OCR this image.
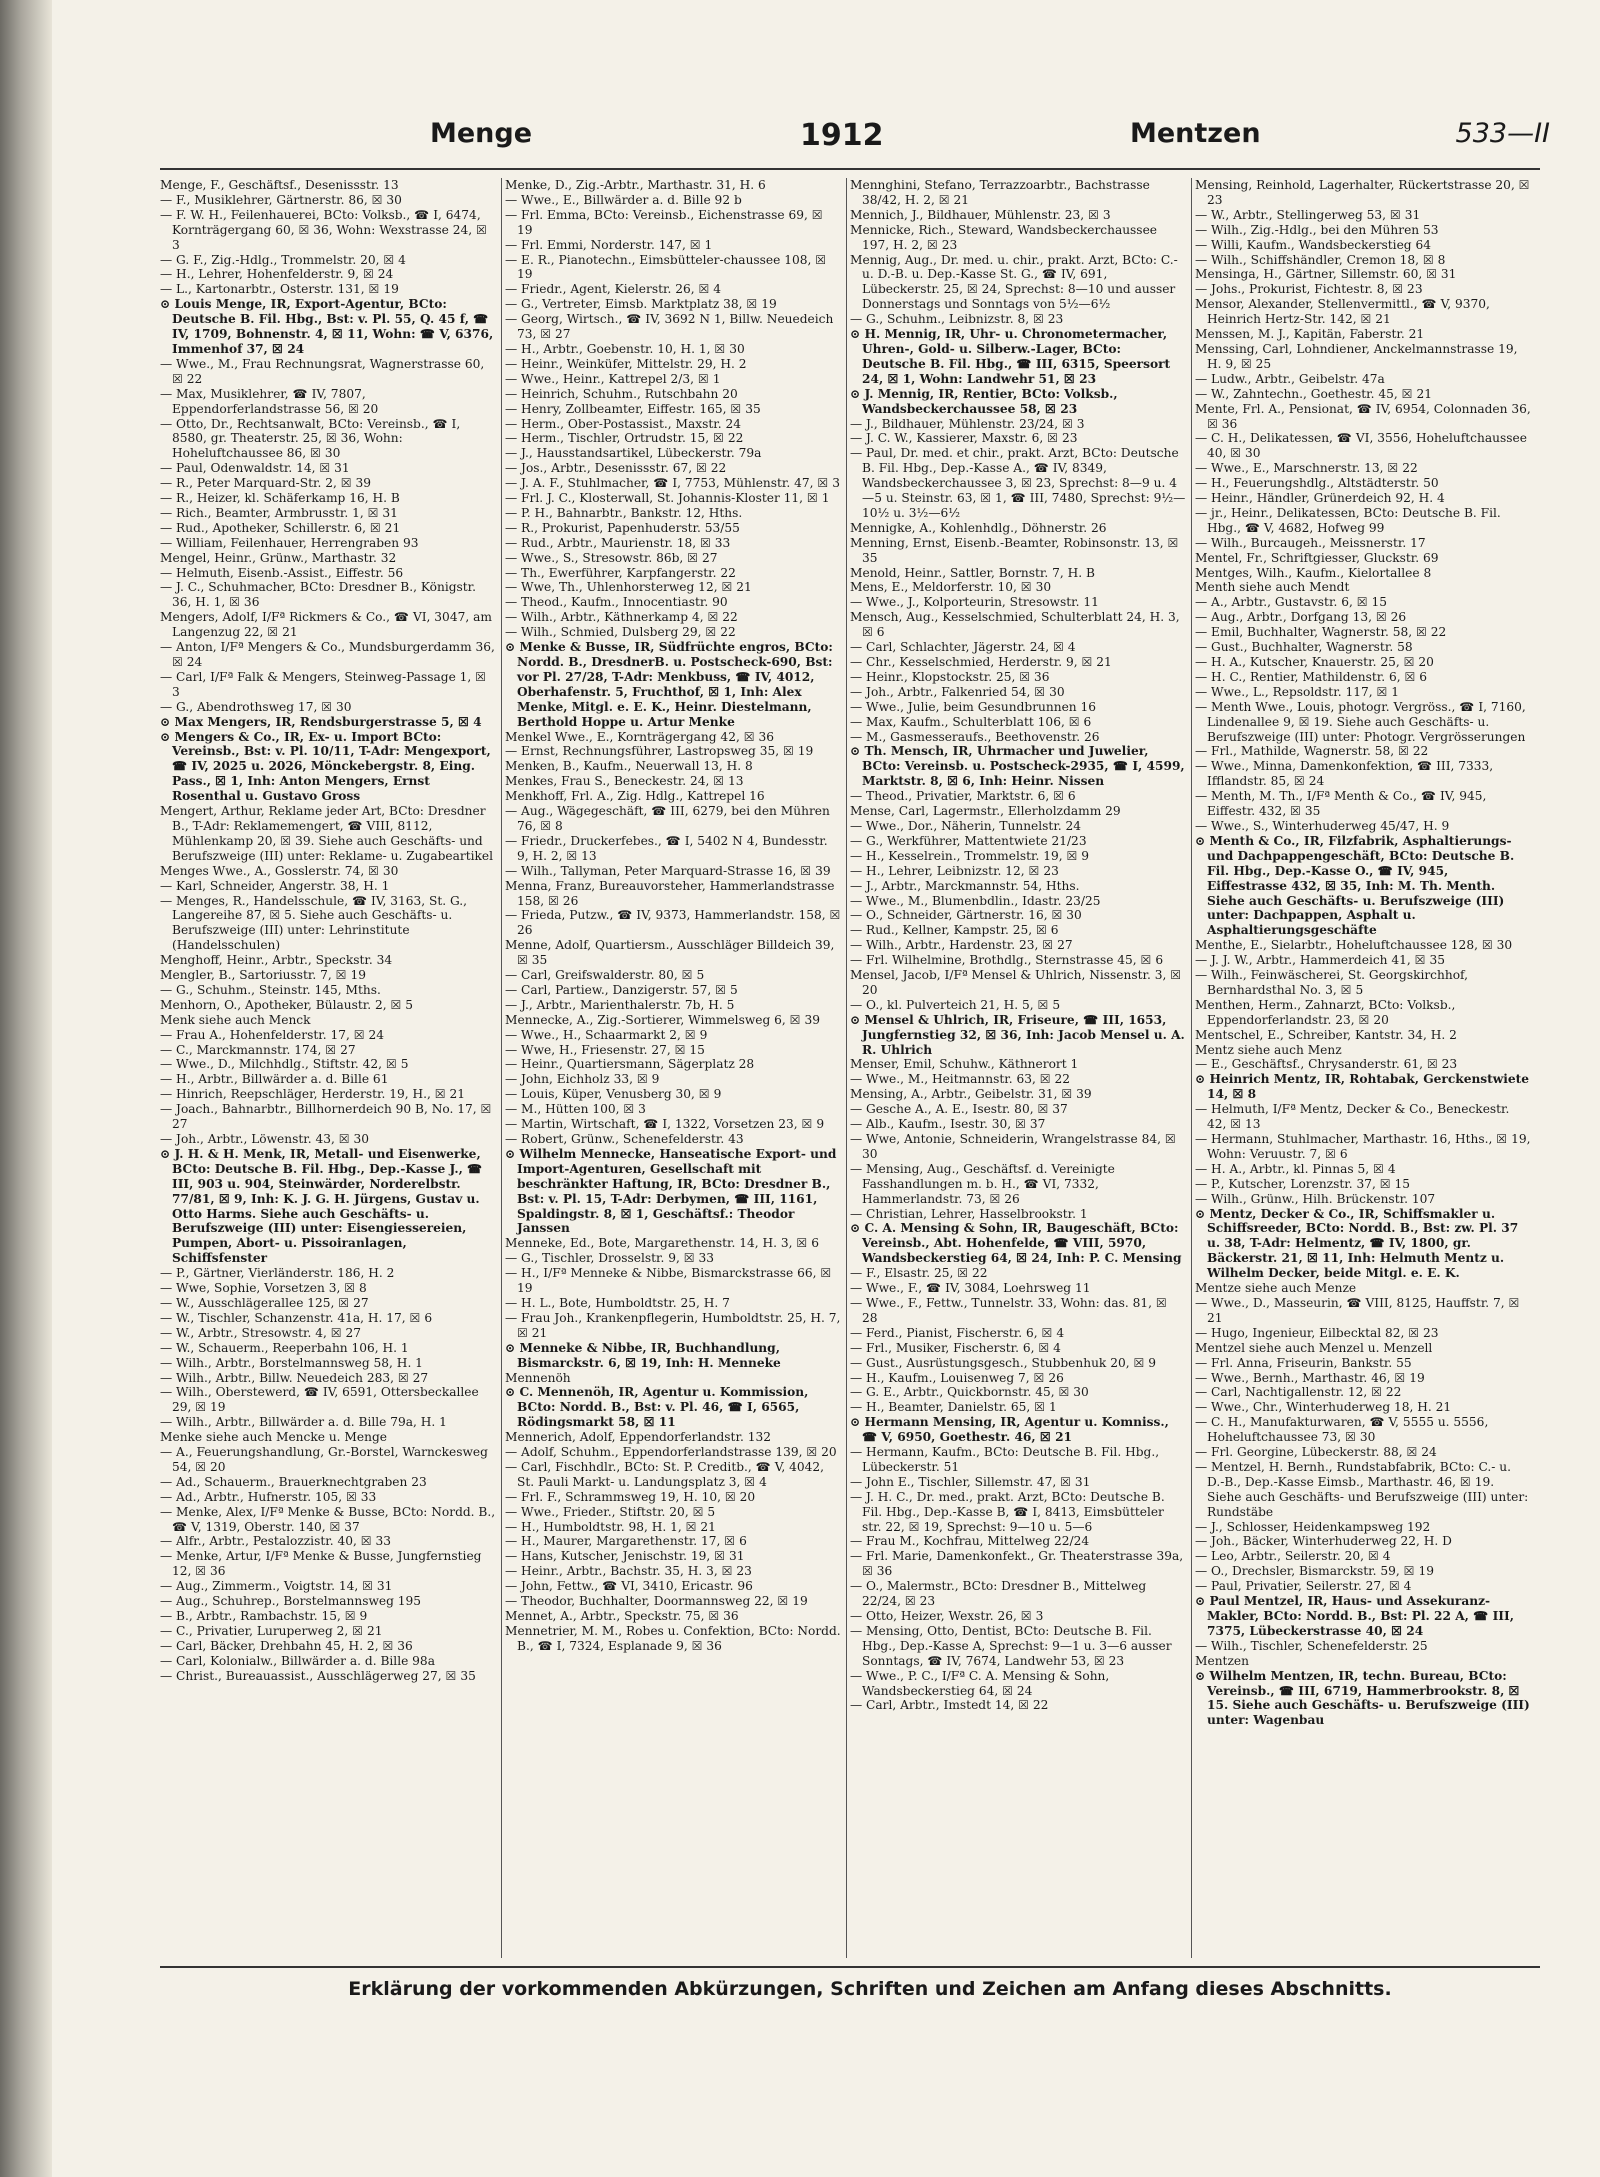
Menge	1912	Mentzen	533—II

Menge, F., Geschäftsf., Desenissstr. 13

— F., Musiklehrer, Gärtnerstr. 86, ☒ 30

— F. W. H., Feilenhauerei, BCto: Volksb., ☎ I, 6474, Kornträgergang 60, ☒ 36, Wohn: Wexstrasse 24, ☒ 3

— G. F., Zig.-Hdlg., Trommelstr. 20, ☒ 4

— H., Lehrer, Hohenfelderstr. 9, ☒ 24

— L., Kartonarbtr., Osterstr. 131, ☒ 19

⊙ Louis Menge, IR, Export-Agentur, BCto: Deutsche B. Fil. Hbg., Bst: v. Pl. 55, Q. 45 f, ☎ IV, 1709, Bohnenstr. 4, ☒ 11, Wohn: ☎ V, 6376, Immenhof 37, ☒ 24

— Wwe., M., Frau Rechnungsrat, Wagnerstrasse 60, ☒ 22

— Max, Musiklehrer, ☎ IV, 7807, Eppendorferlandstrasse 56, ☒ 20

— Otto, Dr., Rechtsanwalt, BCto: Vereinsb., ☎ I, 8580, gr. Theaterstr. 25, ☒ 36, Wohn: Hoheluftchaussee 86, ☒ 30

— Paul, Odenwaldstr. 14, ☒ 31

— R., Peter Marquard-Str. 2, ☒ 39

— R., Heizer, kl. Schäferkamp 16, H. B

— Rich., Beamter, Armbrusstr. 1, ☒ 31

— Rud., Apotheker, Schillerstr. 6, ☒ 21

— William, Feilenhauer, Herrengraben 93

Mengel, Heinr., Grünw., Marthastr. 32

— Helmuth, Eisenb.-Assist., Eiffestr. 56

— J. C., Schuhmacher, BCto: Dresdner B., Königstr. 36, H. 1, ☒ 36

Mengers, Adolf, I/Fª Rickmers & Co., ☎ VI, 3047, am Langenzug 22, ☒ 21

— Anton, I/Fª Mengers & Co., Mundsburgerdamm 36, ☒ 24

— Carl, I/Fª Falk & Mengers, Steinweg-Passage 1, ☒ 3

— G., Abendrothsweg 17, ☒ 30

⊙ Max Mengers, IR, Rendsburgerstrasse 5, ☒ 4

⊙ Mengers & Co., IR, Ex- u. Import BCto: Vereinsb., Bst: v. Pl. 10/11, T-Adr: Mengexport, ☎ IV, 2025 u. 2026, Mönckebergstr. 8, Eing. Pass., ☒ 1, Inh: Anton Mengers, Ernst Rosenthal u. Gustavo Gross

Mengert, Arthur, Reklame jeder Art, BCto: Dresdner B., T-Adr: Reklamemengert, ☎ VIII, 8112, Mühlenkamp 20, ☒ 39. Siehe auch Geschäfts- und Berufszweige (III) unter: Reklame- u. Zugabeartikel

Menges Wwe., A., Gosslerstr. 74, ☒ 30

— Karl, Schneider, Angerstr. 38, H. 1

— Menges, R., Handelsschule, ☎ IV, 3163, St. G., Langereihe 87, ☒ 5. Siehe auch Geschäfts- u. Berufszweige (III) unter: Lehrinstitute (Handelsschulen)

Menghoff, Heinr., Arbtr., Speckstr. 34

Mengler, B., Sartoriusstr. 7, ☒ 19

— G., Schuhm., Steinstr. 145, Mths.

Menhorn, O., Apotheker, Bülaustr. 2, ☒ 5

Menk siehe auch Menck

— Frau A., Hohenfelderstr. 17, ☒ 24

— C., Marckmannstr. 174, ☒ 27

— Wwe., D., Milchhdlg., Stiftstr. 42, ☒ 5

— H., Arbtr., Billwärder a. d. Bille 61

— Hinrich, Reepschläger, Herderstr. 19, H., ☒ 21

— Joach., Bahnarbtr., Billhornerdeich 90 B, No. 17, ☒ 27

— Joh., Arbtr., Löwenstr. 43, ☒ 30

⊙ J. H. & H. Menk, IR, Metall- und Eisenwerke, BCto: Deutsche B. Fil. Hbg., Dep.-Kasse J., ☎ III, 903 u. 904, Steinwärder, Norderelbstr. 77/81, ☒ 9, Inh: K. J. G. H. Jürgens, Gustav u. Otto Harms. Siehe auch Geschäfts- u. Berufszweige (III) unter: Eisengiessereien, Pumpen, Abort- u. Pissoiranlagen, Schiffsfenster

— P., Gärtner, Vierländerstr. 186, H. 2

— Wwe, Sophie, Vorsetzen 3, ☒ 8

— W., Ausschlägerallee 125, ☒ 27

— W., Tischler, Schanzenstr. 41a, H. 17, ☒ 6

— W., Arbtr., Stresowstr. 4, ☒ 27

— W., Schauerm., Reeperbahn 106, H. 1

— Wilh., Arbtr., Borstelmannsweg 58, H. 1

— Wilh., Arbtr., Billw. Neuedeich 283, ☒ 27

— Wilh., Oberstewerd, ☎ IV, 6591, Ottersbeckallee 29, ☒ 19

— Wilh., Arbtr., Billwärder a. d. Bille 79a, H. 1

Menke siehe auch Mencke u. Menge

— A., Feuerungshandlung, Gr.-Borstel, Warnckesweg 54, ☒ 20

— Ad., Schauerm., Brauerknechtgraben 23

— Ad., Arbtr., Hufnerstr. 105, ☒ 33

— Menke, Alex, I/Fª Menke & Busse, BCto: Nordd. B., ☎ V, 1319, Oberstr. 140, ☒ 37

— Alfr., Arbtr., Pestalozzistr. 40, ☒ 33

— Menke, Artur, I/Fª Menke & Busse, Jungfernstieg 12, ☒ 36

— Aug., Zimmerm., Voigtstr. 14, ☒ 31

— Aug., Schuhrep., Borstelmannsweg 195

— B., Arbtr., Rambachstr. 15, ☒ 9

— C., Privatier, Luruperweg 2, ☒ 21

— Carl, Bäcker, Drehbahn 45, H. 2, ☒ 36

— Carl, Kolonialw., Billwärder a. d. Bille 98a

— Christ., Bureauassist., Ausschlägerweg 27, ☒ 35

Menke, D., Zig.-Arbtr., Marthastr. 31, H. 6

— Wwe., E., Billwärder a. d. Bille 92 b

— Frl. Emma, BCto: Vereinsb., Eichenstrasse 69, ☒ 19

— Frl. Emmi, Norderstr. 147, ☒ 1

— E. R., Pianotechn., Eimsbütteler-chaussee 108, ☒ 19

— Friedr., Agent, Kielerstr. 26, ☒ 4

— G., Vertreter, Eimsb. Marktplatz 38, ☒ 19

— Georg, Wirtsch., ☎ IV, 3692 N 1, Billw. Neuedeich 73, ☒ 27

— H., Arbtr., Goebenstr. 10, H. 1, ☒ 30

— Heinr., Weinküfer, Mittelstr. 29, H. 2

— Wwe., Heinr., Kattrepel 2/3, ☒ 1

— Heinrich, Schuhm., Rutschbahn 20

— Henry, Zollbeamter, Eiffestr. 165, ☒ 35

— Herm., Ober-Postassist., Maxstr. 24

— Herm., Tischler, Ortrudstr. 15, ☒ 22

— J., Hausstandsartikel, Lübeckerstr. 79a

— Jos., Arbtr., Desenissstr. 67, ☒ 22

— J. A. F., Stuhlmacher, ☎ I, 7753, Mühlenstr. 47, ☒ 3

— Frl. J. C., Klosterwall, St. Johannis-Kloster 11, ☒ 1

— P. H., Bahnarbtr., Bankstr. 12, Hths.

— R., Prokurist, Papenhuderstr. 53/55

— Rud., Arbtr., Maurienstr. 18, ☒ 33

— Wwe., S., Stresowstr. 86b, ☒ 27

— Th., Ewerführer, Karpfangerstr. 22

— Wwe, Th., Uhlenhorsterweg 12, ☒ 21

— Theod., Kaufm., Innocentiastr. 90

— Wilh., Arbtr., Käthnerkamp 4, ☒ 22

— Wilh., Schmied, Dulsberg 29, ☒ 22

⊙ Menke & Busse, IR, Südfrüchte engros, BCto: Nordd. B., DresdnerB. u. Postscheck-690, Bst: vor Pl. 27/28, T-Adr: Menkbuss, ☎ IV, 4012, Oberhafenstr. 5, Fruchthof, ☒ 1, Inh: Alex Menke, Mitgl. e. E. K., Heinr. Diestelmann, Berthold Hoppe u. Artur Menke

Menkel Wwe., E., Kornträgergang 42, ☒ 36

— Ernst, Rechnungsführer, Lastropsweg 35, ☒ 19

Menken, B., Kaufm., Neuerwall 13, H. 8

Menkes, Frau S., Beneckestr. 24, ☒ 13

Menkhoff, Frl. A., Zig. Hdlg., Kattrepel 16

— Aug., Wägegeschäft, ☎ III, 6279, bei den Mühren 76, ☒ 8

— Friedr., Druckerfebes., ☎ I, 5402 N 4, Bundesstr. 9, H. 2, ☒ 13

— Wilh., Tallyman, Peter Marquard-Strasse 16, ☒ 39

Menna, Franz, Bureauvorsteher, Hammerlandstrasse 158, ☒ 26

— Frieda, Putzw., ☎ IV, 9373, Hammerlandstr. 158, ☒ 26

Menne, Adolf, Quartiersm., Ausschläger Billdeich 39, ☒ 35

— Carl, Greifswalderstr. 80, ☒ 5

— Carl, Partiew., Danzigerstr. 57, ☒ 5

— J., Arbtr., Marienthalerstr. 7b, H. 5

Mennecke, A., Zig.-Sortierer, Wimmelsweg 6, ☒ 39

— Wwe., H., Schaarmarkt 2, ☒ 9

— Wwe, H., Friesenstr. 27, ☒ 15

— Heinr., Quartiersmann, Sägerplatz 28

— John, Eichholz 33, ☒ 9

— Louis, Küper, Venusberg 30, ☒ 9

— M., Hütten 100, ☒ 3

— Martin, Wirtschaft, ☎ I, 1322, Vorsetzen 23, ☒ 9

— Robert, Grünw., Schenefelderstr. 43

⊙ Wilhelm Mennecke, Hanseatische Export- und Import-Agenturen, Gesellschaft mit beschränkter Haftung, IR, BCto: Dresdner B., Bst: v. Pl. 15, T-Adr: Derbymen, ☎ III, 1161, Spaldingstr. 8, ☒ 1, Geschäftsf.: Theodor Janssen

Menneke, Ed., Bote, Margarethenstr. 14, H. 3, ☒ 6

— G., Tischler, Drosselstr. 9, ☒ 33

— H., I/Fª Menneke & Nibbe, Bismarckstrasse 66, ☒ 19

— H. L., Bote, Humboldtstr. 25, H. 7

— Frau Joh., Krankenpflegerin, Humboldtstr. 25, H. 7, ☒ 21

⊙ Menneke & Nibbe, IR, Buchhandlung, Bismarckstr. 6, ☒ 19, Inh: H. Menneke

Mennenöh

⊙ C. Mennenöh, IR, Agentur u. Kommission, BCto: Nordd. B., Bst: v. Pl. 46, ☎ I, 6565, Rödingsmarkt 58, ☒ 11

Mennerich, Adolf, Eppendorferlandstr. 132

— Adolf, Schuhm., Eppendorferlandstrasse 139, ☒ 20

— Carl, Fischhdlr., BCto: St. P. Creditb., ☎ V, 4042, St. Pauli Markt- u. Landungsplatz 3, ☒ 4

— Frl. F., Schrammsweg 19, H. 10, ☒ 20

— Wwe., Frieder., Stiftstr. 20, ☒ 5

— H., Humboldtstr. 98, H. 1, ☒ 21

— H., Maurer, Margarethenstr. 17, ☒ 6

— Hans, Kutscher, Jenischstr. 19, ☒ 31

— Heinr., Arbtr., Bachstr. 35, H. 3, ☒ 23

— John, Fettw., ☎ VI, 3410, Ericastr. 96

— Theodor, Buchhalter, Doormannsweg 22, ☒ 19

Mennet, A., Arbtr., Speckstr. 75, ☒ 36

Mennetrier, M. M., Robes u. Confektion, BCto: Nordd. B., ☎ I, 7324, Esplanade 9, ☒ 36

Mennghini, Stefano, Terrazzoarbtr., Bachstrasse 38/42, H. 2, ☒ 21

Mennich, J., Bildhauer, Mühlenstr. 23, ☒ 3

Mennicke, Rich., Steward, Wandsbeckerchaussee 197, H. 2, ☒ 23

Mennig, Aug., Dr. med. u. chir., prakt. Arzt, BCto: C.- u. D.-B. u. Dep.-Kasse St. G., ☎ IV, 691, Lübeckerstr. 25, ☒ 24, Sprechst: 8—10 und ausser Donnerstags und Sonntags von 5½—6½

— G., Schuhm., Leibnizstr. 8, ☒ 23

⊙ H. Mennig, IR, Uhr- u. Chronometermacher, Uhren-, Gold- u. Silberw.-Lager, BCto: Deutsche B. Fil. Hbg., ☎ III, 6315, Speersort 24, ☒ 1, Wohn: Landwehr 51, ☒ 23

⊙ J. Mennig, IR, Rentier, BCto: Volksb., Wandsbeckerchaussee 58, ☒ 23

— J., Bildhauer, Mühlenstr. 23/24, ☒ 3

— J. C. W., Kassierer, Maxstr. 6, ☒ 23

— Paul, Dr. med. et chir., prakt. Arzt, BCto: Deutsche B. Fil. Hbg., Dep.-Kasse A., ☎ IV, 8349, Wandsbeckerchaussee 3, ☒ 23, Sprechst: 8—9 u. 4—5 u. Steinstr. 63, ☒ 1, ☎ III, 7480, Sprechst: 9½—10½ u. 3½—6½

Mennigke, A., Kohlenhdlg., Döhnerstr. 26

Menning, Ernst, Eisenb.-Beamter, Robinsonstr. 13, ☒ 35

Menold, Heinr., Sattler, Bornstr. 7, H. B

Mens, E., Meldorferstr. 10, ☒ 30

— Wwe., J., Kolporteurin, Stresowstr. 11

Mensch, Aug., Kesselschmied, Schulterblatt 24, H. 3, ☒ 6

— Carl, Schlachter, Jägerstr. 24, ☒ 4

— Chr., Kesselschmied, Herderstr. 9, ☒ 21

— Heinr., Klopstockstr. 25, ☒ 36

— Joh., Arbtr., Falkenried 54, ☒ 30

— Wwe., Julie, beim Gesundbrunnen 16

— Max, Kaufm., Schulterblatt 106, ☒ 6

— M., Gasmesseraufs., Beethovenstr. 26

⊙ Th. Mensch, IR, Uhrmacher und Juwelier, BCto: Vereinsb. u. Postscheck-2935, ☎ I, 4599, Marktstr. 8, ☒ 6, Inh: Heinr. Nissen

— Theod., Privatier, Marktstr. 6, ☒ 6

Mense, Carl, Lagermstr., Ellerholzdamm 29

— Wwe., Dor., Näherin, Tunnelstr. 24

— G., Werkführer, Mattentwiete 21/23

— H., Kesselrein., Trommelstr. 19, ☒ 9

— H., Lehrer, Leibnizstr. 12, ☒ 23

— J., Arbtr., Marckmannstr. 54, Hths.

— Wwe., M., Blumenbdlin., Idastr. 23/25

— O., Schneider, Gärtnerstr. 16, ☒ 30

— Rud., Kellner, Kampstr. 25, ☒ 6

— Wilh., Arbtr., Hardenstr. 23, ☒ 27

— Frl. Wilhelmine, Brothdlg., Sternstrasse 45, ☒ 6

Mensel, Jacob, I/Fª Mensel & Uhlrich, Nissenstr. 3, ☒ 20

— O., kl. Pulverteich 21, H. 5, ☒ 5

⊙ Mensel & Uhlrich, IR, Friseure, ☎ III, 1653, Jungfernstieg 32, ☒ 36, Inh: Jacob Mensel u. A. R. Uhlrich

Menser, Emil, Schuhw., Käthnerort 1

— Wwe., M., Heitmannstr. 63, ☒ 22

Mensing, A., Arbtr., Geibelstr. 31, ☒ 39

— Gesche A., A. E., Isestr. 80, ☒ 37

— Alb., Kaufm., Isestr. 30, ☒ 37

— Wwe, Antonie, Schneiderin, Wrangelstrasse 84, ☒ 30

— Mensing, Aug., Geschäftsf. d. Vereinigte Fasshandlungen m. b. H., ☎ VI, 7332, Hammerlandstr. 73, ☒ 26

— Christian, Lehrer, Hasselbrookstr. 1

⊙ C. A. Mensing & Sohn, IR, Baugeschäft, BCto: Vereinsb., Abt. Hohenfelde, ☎ VIII, 5970, Wandsbeckerstieg 64, ☒ 24, Inh: P. C. Mensing

— F., Elsastr. 25, ☒ 22

— Wwe., F., ☎ IV, 3084, Loehrsweg 11

— Wwe., F., Fettw., Tunnelstr. 33, Wohn: das. 81, ☒ 28

— Ferd., Pianist, Fischerstr. 6, ☒ 4

— Frl., Musiker, Fischerstr. 6, ☒ 4

— Gust., Ausrüstungsgesch., Stubbenhuk 20, ☒ 9

— H., Kaufm., Louisenweg 7, ☒ 26

— G. E., Arbtr., Quickbornstr. 45, ☒ 30

— H., Beamter, Danielstr. 65, ☒ 1

⊙ Hermann Mensing, IR, Agentur u. Komniss., ☎ V, 6950, Goethestr. 46, ☒ 21

— Hermann, Kaufm., BCto: Deutsche B. Fil. Hbg., Lübeckerstr. 51

— John E., Tischler, Sillemstr. 47, ☒ 31

— J. H. C., Dr. med., prakt. Arzt, BCto: Deutsche B. Fil. Hbg., Dep.-Kasse B, ☎ I, 8413, Eimsbütteler str. 22, ☒ 19, Sprechst: 9—10 u. 5—6

— Frau M., Kochfrau, Mittelweg 22/24

— Frl. Marie, Damenkonfekt., Gr. Theaterstrasse 39a, ☒ 36

— O., Malermstr., BCto: Dresdner B., Mittelweg 22/24, ☒ 23

— Otto, Heizer, Wexstr. 26, ☒ 3

— Mensing, Otto, Dentist, BCto: Deutsche B. Fil. Hbg., Dep.-Kasse A, Sprechst: 9—1 u. 3—6 ausser Sonntags, ☎ IV, 7674, Landwehr 53, ☒ 23

— Wwe., P. C., I/Fª C. A. Mensing & Sohn, Wandsbeckerstieg 64, ☒ 24

— Carl, Arbtr., Imstedt 14, ☒ 22

Mensing, Reinhold, Lagerhalter, Rückertstrasse 20, ☒ 23

— W., Arbtr., Stellingerweg 53, ☒ 31

— Wilh., Zig.-Hdlg., bei den Mühren 53

— Willi, Kaufm., Wandsbeckerstieg 64

— Wilh., Schiffshändler, Cremon 18, ☒ 8

Mensinga, H., Gärtner, Sillemstr. 60, ☒ 31

— Johs., Prokurist, Fichtestr. 8, ☒ 23

Mensor, Alexander, Stellenvermittl., ☎ V, 9370, Heinrich Hertz-Str. 142, ☒ 21

Menssen, M. J., Kapitän, Faberstr. 21

Menssing, Carl, Lohndiener, Anckelmannstrasse 19, H. 9, ☒ 25

— Ludw., Arbtr., Geibelstr. 47a

— W., Zahntechn., Goethestr. 45, ☒ 21

Mente, Frl. A., Pensionat, ☎ IV, 6954, Colonnaden 36, ☒ 36

— C. H., Delikatessen, ☎ VI, 3556, Hoheluftchaussee 40, ☒ 30

— Wwe., E., Marschnerstr. 13, ☒ 22

— H., Feuerungshdlg., Altstädterstr. 50

— Heinr., Händler, Grünerdeich 92, H. 4

— jr., Heinr., Delikatessen, BCto: Deutsche B. Fil. Hbg., ☎ V, 4682, Hofweg 99

— Wilh., Burcaugeh., Meissnerstr. 17

Mentel, Fr., Schriftgiesser, Gluckstr. 69

Mentges, Wilh., Kaufm., Kielortallee 8

Menth siehe auch Mendt

— A., Arbtr., Gustavstr. 6, ☒ 15

— Aug., Arbtr., Dorfgang 13, ☒ 26

— Emil, Buchhalter, Wagnerstr. 58, ☒ 22

— Gust., Buchhalter, Wagnerstr. 58

— H. A., Kutscher, Knauerstr. 25, ☒ 20

— H. C., Rentier, Mathildenstr. 6, ☒ 6

— Wwe., L., Repsoldstr. 117, ☒ 1

— Menth Wwe., Louis, photogr. Vergröss., ☎ I, 7160, Lindenallee 9, ☒ 19. Siehe auch Geschäfts- u. Berufszweige (III) unter: Photogr. Vergrösserungen

— Frl., Mathilde, Wagnerstr. 58, ☒ 22

— Wwe., Minna, Damenkonfektion, ☎ III, 7333, Ifflandstr. 85, ☒ 24

— Menth, M. Th., I/Fª Menth & Co., ☎ IV, 945, Eiffestr. 432, ☒ 35

— Wwe., S., Winterhuderweg 45/47, H. 9

⊙ Menth & Co., IR, Filzfabrik, Asphaltierungs- und Dachpappengeschäft, BCto: Deutsche B. Fil. Hbg., Dep.-Kasse O., ☎ IV, 945, Eiffestrasse 432, ☒ 35, Inh: M. Th. Menth. Siehe auch Geschäfts- u. Berufszweige (III) unter: Dachpappen, Asphalt u. Asphaltierungsgeschäfte

Menthe, E., Sielarbtr., Hoheluftchaussee 128, ☒ 30

— J. J. W., Arbtr., Hammerdeich 41, ☒ 35

— Wilh., Feinwäscherei, St. Georgskirchhof, Bernhardsthal No. 3, ☒ 5

Menthen, Herm., Zahnarzt, BCto: Volksb., Eppendorferlandstr. 23, ☒ 20

Mentschel, E., Schreiber, Kantstr. 34, H. 2

Mentz siehe auch Menz

— E., Geschäftsf., Chrysanderstr. 61, ☒ 23

⊙ Heinrich Mentz, IR, Rohtabak, Gerckenstwiete 14, ☒ 8

— Helmuth, I/Fª Mentz, Decker & Co., Beneckestr. 42, ☒ 13

— Hermann, Stuhlmacher, Marthastr. 16, Hths., ☒ 19, Wohn: Veruustr. 7, ☒ 6

— H. A., Arbtr., kl. Pinnas 5, ☒ 4

— P., Kutscher, Lorenzstr. 37, ☒ 15

— Wilh., Grünw., Hilh. Brückenstr. 107

⊙ Mentz, Decker & Co., IR, Schiffsmakler u. Schiffsreeder, BCto: Nordd. B., Bst: zw. Pl. 37 u. 38, T-Adr: Helmentz, ☎ IV, 1800, gr. Bäckerstr. 21, ☒ 11, Inh: Helmuth Mentz u. Wilhelm Decker, beide Mitgl. e. E. K.

Mentze siehe auch Menze

— Wwe., D., Masseurin, ☎ VIII, 8125, Hauffstr. 7, ☒ 21

— Hugo, Ingenieur, Eilbecktal 82, ☒ 23

Mentzel siehe auch Menzel u. Menzell

— Frl. Anna, Friseurin, Bankstr. 55

— Wwe., Bernh., Marthastr. 46, ☒ 19

— Carl, Nachtigallenstr. 12, ☒ 22

— Wwe., Chr., Winterhuderweg 18, H. 21

— C. H., Manufakturwaren, ☎ V, 5555 u. 5556, Hoheluftchaussee 73, ☒ 30

— Frl. Georgine, Lübeckerstr. 88, ☒ 24

— Mentzel, H. Bernh., Rundstabfabrik, BCto: C.- u. D.-B., Dep.-Kasse Eimsb., Marthastr. 46, ☒ 19. Siehe auch Geschäfts- und Berufszweige (III) unter: Rundstäbe

— J., Schlosser, Heidenkampsweg 192

— Joh., Bäcker, Winterhuderweg 22, H. D

— Leo, Arbtr., Seilerstr. 20, ☒ 4

— O., Drechsler, Bismarckstr. 59, ☒ 19

— Paul, Privatier, Seilerstr. 27, ☒ 4

⊙ Paul Mentzel, IR, Haus- und Assekuranz-Makler, BCto: Nordd. B., Bst: Pl. 22 A, ☎ III, 7375, Lübeckerstrasse 40, ☒ 24

— Wilh., Tischler, Schenefelderstr. 25

Mentzen

⊙ Wilhelm Mentzen, IR, techn. Bureau, BCto: Vereinsb., ☎ III, 6719, Hammerbrookstr. 8, ☒ 15. Siehe auch Geschäfts- u. Berufszweige (III) unter: Wagenbau

Erklärung der vorkommenden Abkürzungen, Schriften und Zeichen am Anfang dieses Abschnitts.
